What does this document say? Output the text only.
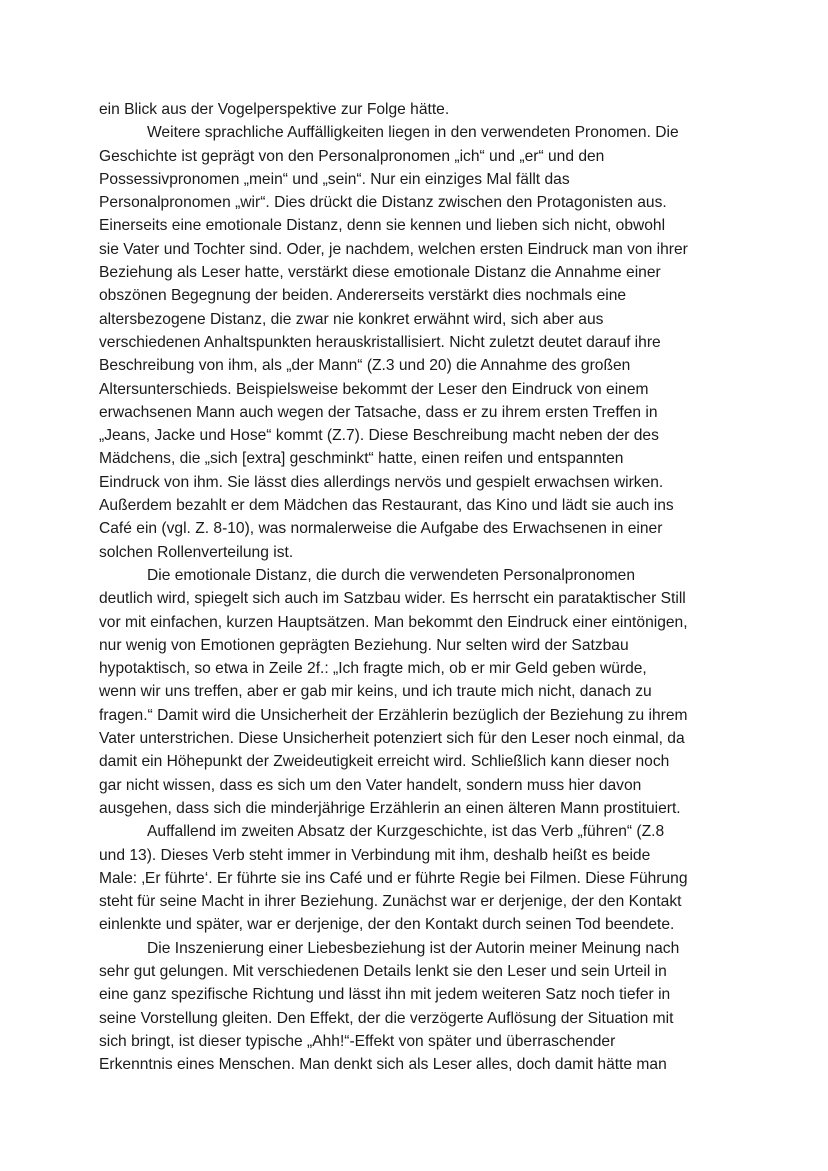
ein Blick aus der Vogelperspektive zur Folge hätte.
Weitere sprachliche Auffälligkeiten liegen in den verwendeten Pronomen. Die
Geschichte ist geprägt von den Personalpronomen „ich“ und „er“ und den
Possessivpronomen „mein“ und „sein“. Nur ein einziges Mal fällt das
Personalpronomen „wir“. Dies drückt die Distanz zwischen den Protagonisten aus.
Einerseits eine emotionale Distanz, denn sie kennen und lieben sich nicht, obwohl
sie Vater und Tochter sind. Oder, je nachdem, welchen ersten Eindruck man von ihrer
Beziehung als Leser hatte, verstärkt diese emotionale Distanz die Annahme einer
obszönen Begegnung der beiden. Andererseits verstärkt dies nochmals eine
altersbezogene Distanz, die zwar nie konkret erwähnt wird, sich aber aus
verschiedenen Anhaltspunkten herauskristallisiert. Nicht zuletzt deutet darauf ihre
Beschreibung von ihm, als „der Mann“ (Z.3 und 20) die Annahme des großen
Altersunterschieds. Beispielsweise bekommt der Leser den Eindruck von einem
erwachsenen Mann auch wegen der Tatsache, dass er zu ihrem ersten Treffen in
„Jeans, Jacke und Hose“ kommt (Z.7). Diese Beschreibung macht neben der des
Mädchens, die „sich [extra] geschminkt“ hatte, einen reifen und entspannten
Eindruck von ihm. Sie lässt dies allerdings nervös und gespielt erwachsen wirken.
Außerdem bezahlt er dem Mädchen das Restaurant, das Kino und lädt sie auch ins
Café ein (vgl. Z. 8-10), was normalerweise die Aufgabe des Erwachsenen in einer
solchen Rollenverteilung ist.
Die emotionale Distanz, die durch die verwendeten Personalpronomen
deutlich wird, spiegelt sich auch im Satzbau wider. Es herrscht ein parataktischer Still
vor mit einfachen, kurzen Hauptsätzen. Man bekommt den Eindruck einer eintönigen,
nur wenig von Emotionen geprägten Beziehung. Nur selten wird der Satzbau
hypotaktisch, so etwa in Zeile 2f.: „Ich fragte mich, ob er mir Geld geben würde,
wenn wir uns treffen, aber er gab mir keins, und ich traute mich nicht, danach zu
fragen.“ Damit wird die Unsicherheit der Erzählerin bezüglich der Beziehung zu ihrem
Vater unterstrichen. Diese Unsicherheit potenziert sich für den Leser noch einmal, da
damit ein Höhepunkt der Zweideutigkeit erreicht wird. Schließlich kann dieser noch
gar nicht wissen, dass es sich um den Vater handelt, sondern muss hier davon
ausgehen, dass sich die minderjährige Erzählerin an einen älteren Mann prostituiert.
Auffallend im zweiten Absatz der Kurzgeschichte, ist das Verb „führen“ (Z.8
und 13). Dieses Verb steht immer in Verbindung mit ihm, deshalb heißt es beide
Male: ‚Er führte‘. Er führte sie ins Café und er führte Regie bei Filmen. Diese Führung
steht für seine Macht in ihrer Beziehung. Zunächst war er derjenige, der den Kontakt
einlenkte und später, war er derjenige, der den Kontakt durch seinen Tod beendete.
Die Inszenierung einer Liebesbeziehung ist der Autorin meiner Meinung nach
sehr gut gelungen. Mit verschiedenen Details lenkt sie den Leser und sein Urteil in
eine ganz spezifische Richtung und lässt ihn mit jedem weiteren Satz noch tiefer in
seine Vorstellung gleiten. Den Effekt, der die verzögerte Auflösung der Situation mit
sich bringt, ist dieser typische „Ahh!“-Effekt von später und überraschender
Erkenntnis eines Menschen. Man denkt sich als Leser alles, doch damit hätte man
